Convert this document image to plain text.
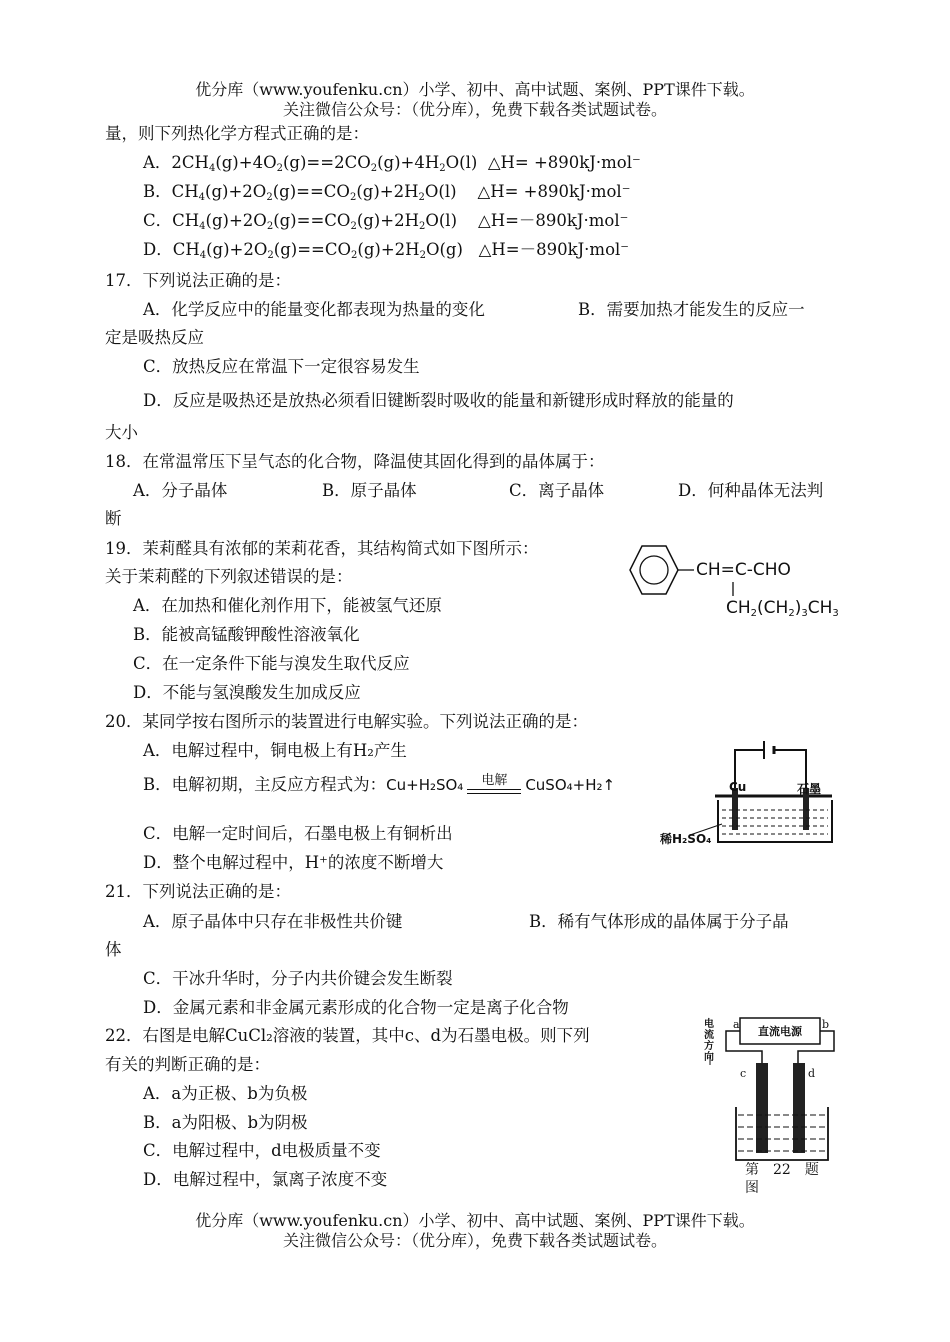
优分库（www.youfenku.cn）小学、初中、高中试题、案例、PPT课件下载。
关注微信公众号：（优分库），免费下载各类试题试卷。
量，则下列热化学方程式正确的是：
A．$2CH_4(g)+4O_2(g)==2CO_2(g)+4H_2O(l)$ △H= +890kJ·mol⁻
B．$CH_4(g)+2O_2(g)==CO_2(g)+2H_2O(l)$ △H= +890kJ·mol⁻
C．$CH_4(g)+2O_2(g)==CO_2(g)+2H_2O(l)$ △H=－890kJ·mol⁻
D．$CH_4(g)+2O_2(g)==CO_2(g)+2H_2O(g)$ △H=－890kJ·mol⁻
17．下列说法正确的是：
A．化学反应中的能量变化都表现为热量的变化	B．需要加热才能发生的反应一
定是吸热反应
C．放热反应在常温下一定很容易发生
D．反应是吸热还是放热必须看旧键断裂时吸收的能量和新键形成时释放的能量的
大小
18．在常温常压下呈气态的化合物，降温使其固化得到的晶体属于：
A．分子晶体	B．原子晶体	C．离子晶体	D．何种晶体无法判
断
19．茉莉醛具有浓郁的茉莉花香，其结构简式如下图所示：
关于茉莉醛的下列叙述错误的是：
A．在加热和催化剂作用下，能被氢气还原
B．能被高锰酸钾酸性溶液氧化
C．在一定条件下能与溴发生取代反应
D．不能与氢溴酸发生加成反应
CH=C-CHO
$CH_2(CH_2)_3CH_3$
20．某同学按右图所示的装置进行电解实验。下列说法正确的是：
A．电解过程中，铜电极上有H₂产生
B．电解初期，主反应方程式为：Cu+H₂SO₄ $^{电解}$ CuSO₄+H₂↑
C．电解一定时间后，石墨电极上有铜析出
D．整个电解过程中，H⁺的浓度不断增大
Cu	石墨
稀H₂SO₄
21．下列说法正确的是：
A．原子晶体中只存在非极性共价键	B．稀有气体形成的晶体属于分子晶
体
C．干冰升华时，分子内共价键会发生断裂
D．金属元素和非金属元素形成的化合物一定是离子化合物
22．右图是电解CuCl₂溶液的装置，其中c、d为石墨电极。则下列
有关的判断正确的是：
A．a为正极、b为负极
B．a为阳极、b为阴极
C．电解过程中，d电极质量不变
D．电解过程中，氯离子浓度不变
直流电源
a	b
c	d
电流方向
第　22　题
图
优分库（www.youfenku.cn）小学、初中、高中试题、案例、PPT课件下载。
关注微信公众号：（优分库），免费下载各类试题试卷。
